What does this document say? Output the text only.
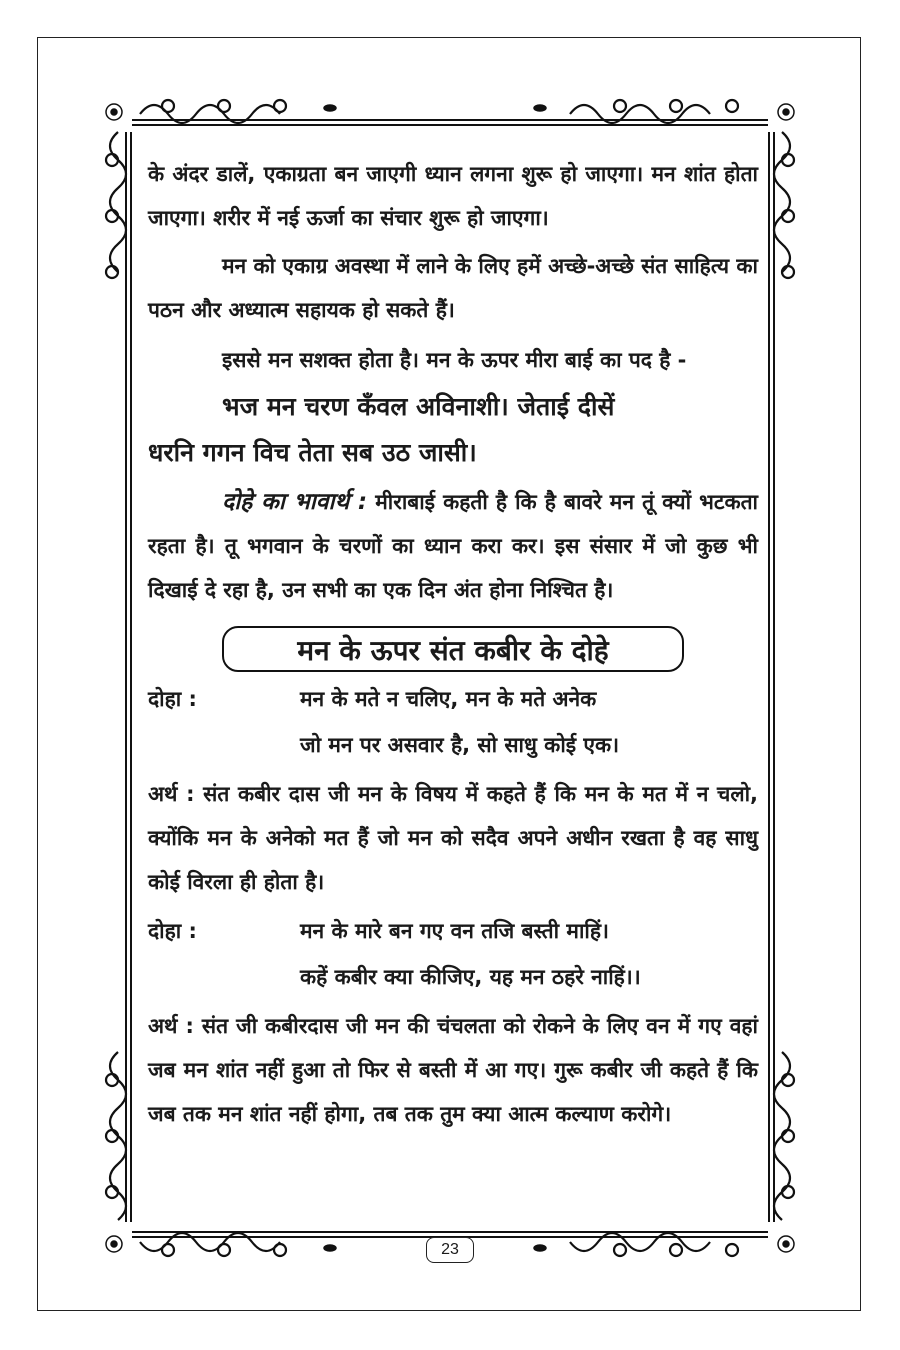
के अंदर डालें, एकाग्रता बन जाएगी ध्यान लगना शुरू हो जाएगा। मन शांत होता जाएगा। शरीर में नई ऊर्जा का संचार शुरू हो जाएगा।

मन को एकाग्र अवस्था में लाने के लिए हमें अच्छे-अच्छे संत साहित्य का पठन और अध्यात्म सहायक हो सकते हैं।

इससे मन सशक्त होता है। मन के ऊपर मीरा बाई का पद है -

भज मन चरण कँवल अविनाशी। जेताई दीसें
धरनि गगन विच तेता सब उठ जासी।

दोहे का भावार्थ : मीराबाई कहती है कि है बावरे मन तूं क्यों भटकता रहता है। तू भगवान के चरणों का ध्यान करा कर। इस संसार में जो कुछ भी दिखाई दे रहा है, उन सभी का एक दिन अंत होना निश्चित है।

मन के ऊपर संत कबीर के दोहे
दोहा :	मन के मते न चलिए, मन के मते अनेक
जो मन पर असवार है, सो साधु कोई एक।

अर्थ : संत कबीर दास जी मन के विषय में कहते हैं कि मन के मत में न चलो, क्योंकि मन के अनेको मत हैं जो मन को सदैव अपने अधीन रखता है वह साधु कोई विरला ही होता है।

दोहा :	मन के मारे बन गए वन तजि बस्ती माहिं।
कहें कबीर क्या कीजिए, यह मन ठहरे नाहिं।।

अर्थ : संत जी कबीरदास जी मन की चंचलता को रोकने के लिए वन में गए वहां जब मन शांत नहीं हुआ तो फिर से बस्ती में आ गए। गुरू कबीर जी कहते हैं कि जब तक मन शांत नहीं होगा, तब तक तुम क्या आत्म कल्याण करोगे।

23
